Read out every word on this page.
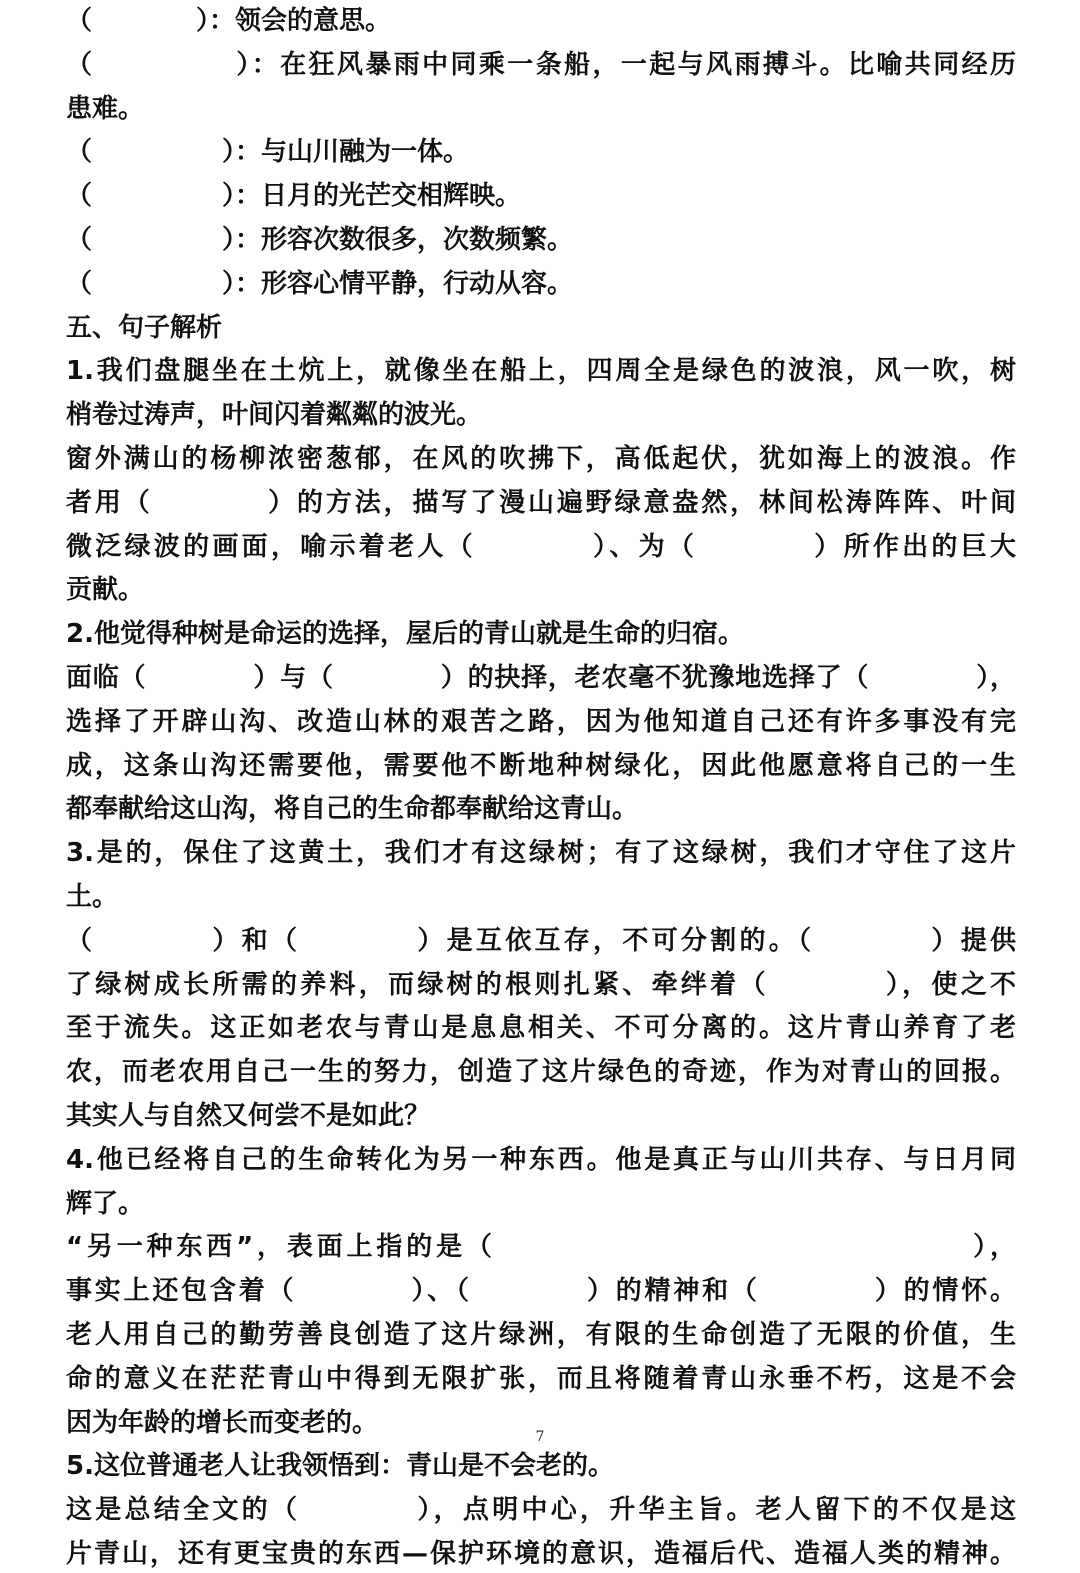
（　　　　）：领会的意思。
（　　　　　）：在狂风暴雨中同乘一条船，一起与风雨搏斗。比喻共同经历
患难。
（　　　　　）：与山川融为一体。
（　　　　　）：日月的光芒交相辉映。
（　　　　　）：形容次数很多，次数频繁。
（　　　　　）：形容心情平静，行动从容。
五、句子解析
1.我们盘腿坐在土炕上，就像坐在船上，四周全是绿色的波浪，风一吹，树
梢卷过涛声，叶间闪着粼粼的波光。
窗外满山的杨柳浓密葱郁，在风的吹拂下，高低起伏，犹如海上的波浪。作
者用（　　　　）的方法，描写了漫山遍野绿意盎然，林间松涛阵阵、叶间
微泛绿波的画面，喻示着老人（　　　　）、为（　　　　）所作出的巨大
贡献。
2.他觉得种树是命运的选择，屋后的青山就是生命的归宿。
面临（　　　　）与（　　　　）的抉择，老农毫不犹豫地选择了（　　　　），
选择了开辟山沟、改造山林的艰苦之路，因为他知道自己还有许多事没有完
成，这条山沟还需要他，需要他不断地种树绿化，因此他愿意将自己的一生
都奉献给这山沟，将自己的生命都奉献给这青山。
3.是的，保住了这黄土，我们才有这绿树；有了这绿树，我们才守住了这片
土。
（　　　　）和（　　　　）是互依互存，不可分割的。（　　　　）提供
了绿树成长所需的养料，而绿树的根则扎紧、牵绊着（　　　　），使之不
至于流失。这正如老农与青山是息息相关、不可分离的。这片青山养育了老
农，而老农用自己一生的努力，创造了这片绿色的奇迹，作为对青山的回报。
其实人与自然又何尝不是如此？
4.他已经将自己的生命转化为另一种东西。他是真正与山川共存、与日月同
辉了。
“另一种东西”，表面上指的是（　　　　　　　　　　　　　　　　），
事实上还包含着（　　　　）、（　　　　）的精神和（　　　　）的情怀。
老人用自己的勤劳善良创造了这片绿洲，有限的生命创造了无限的价值，生
命的意义在茫茫青山中得到无限扩张，而且将随着青山永垂不朽，这是不会
因为年龄的增长而变老的。
5.这位普通老人让我领悟到：青山是不会老的。
这是总结全文的（　　　　），点明中心，升华主旨。老人留下的不仅是这
片青山，还有更宝贵的东西—保护环境的意识，造福后代、造福人类的精神。
7
